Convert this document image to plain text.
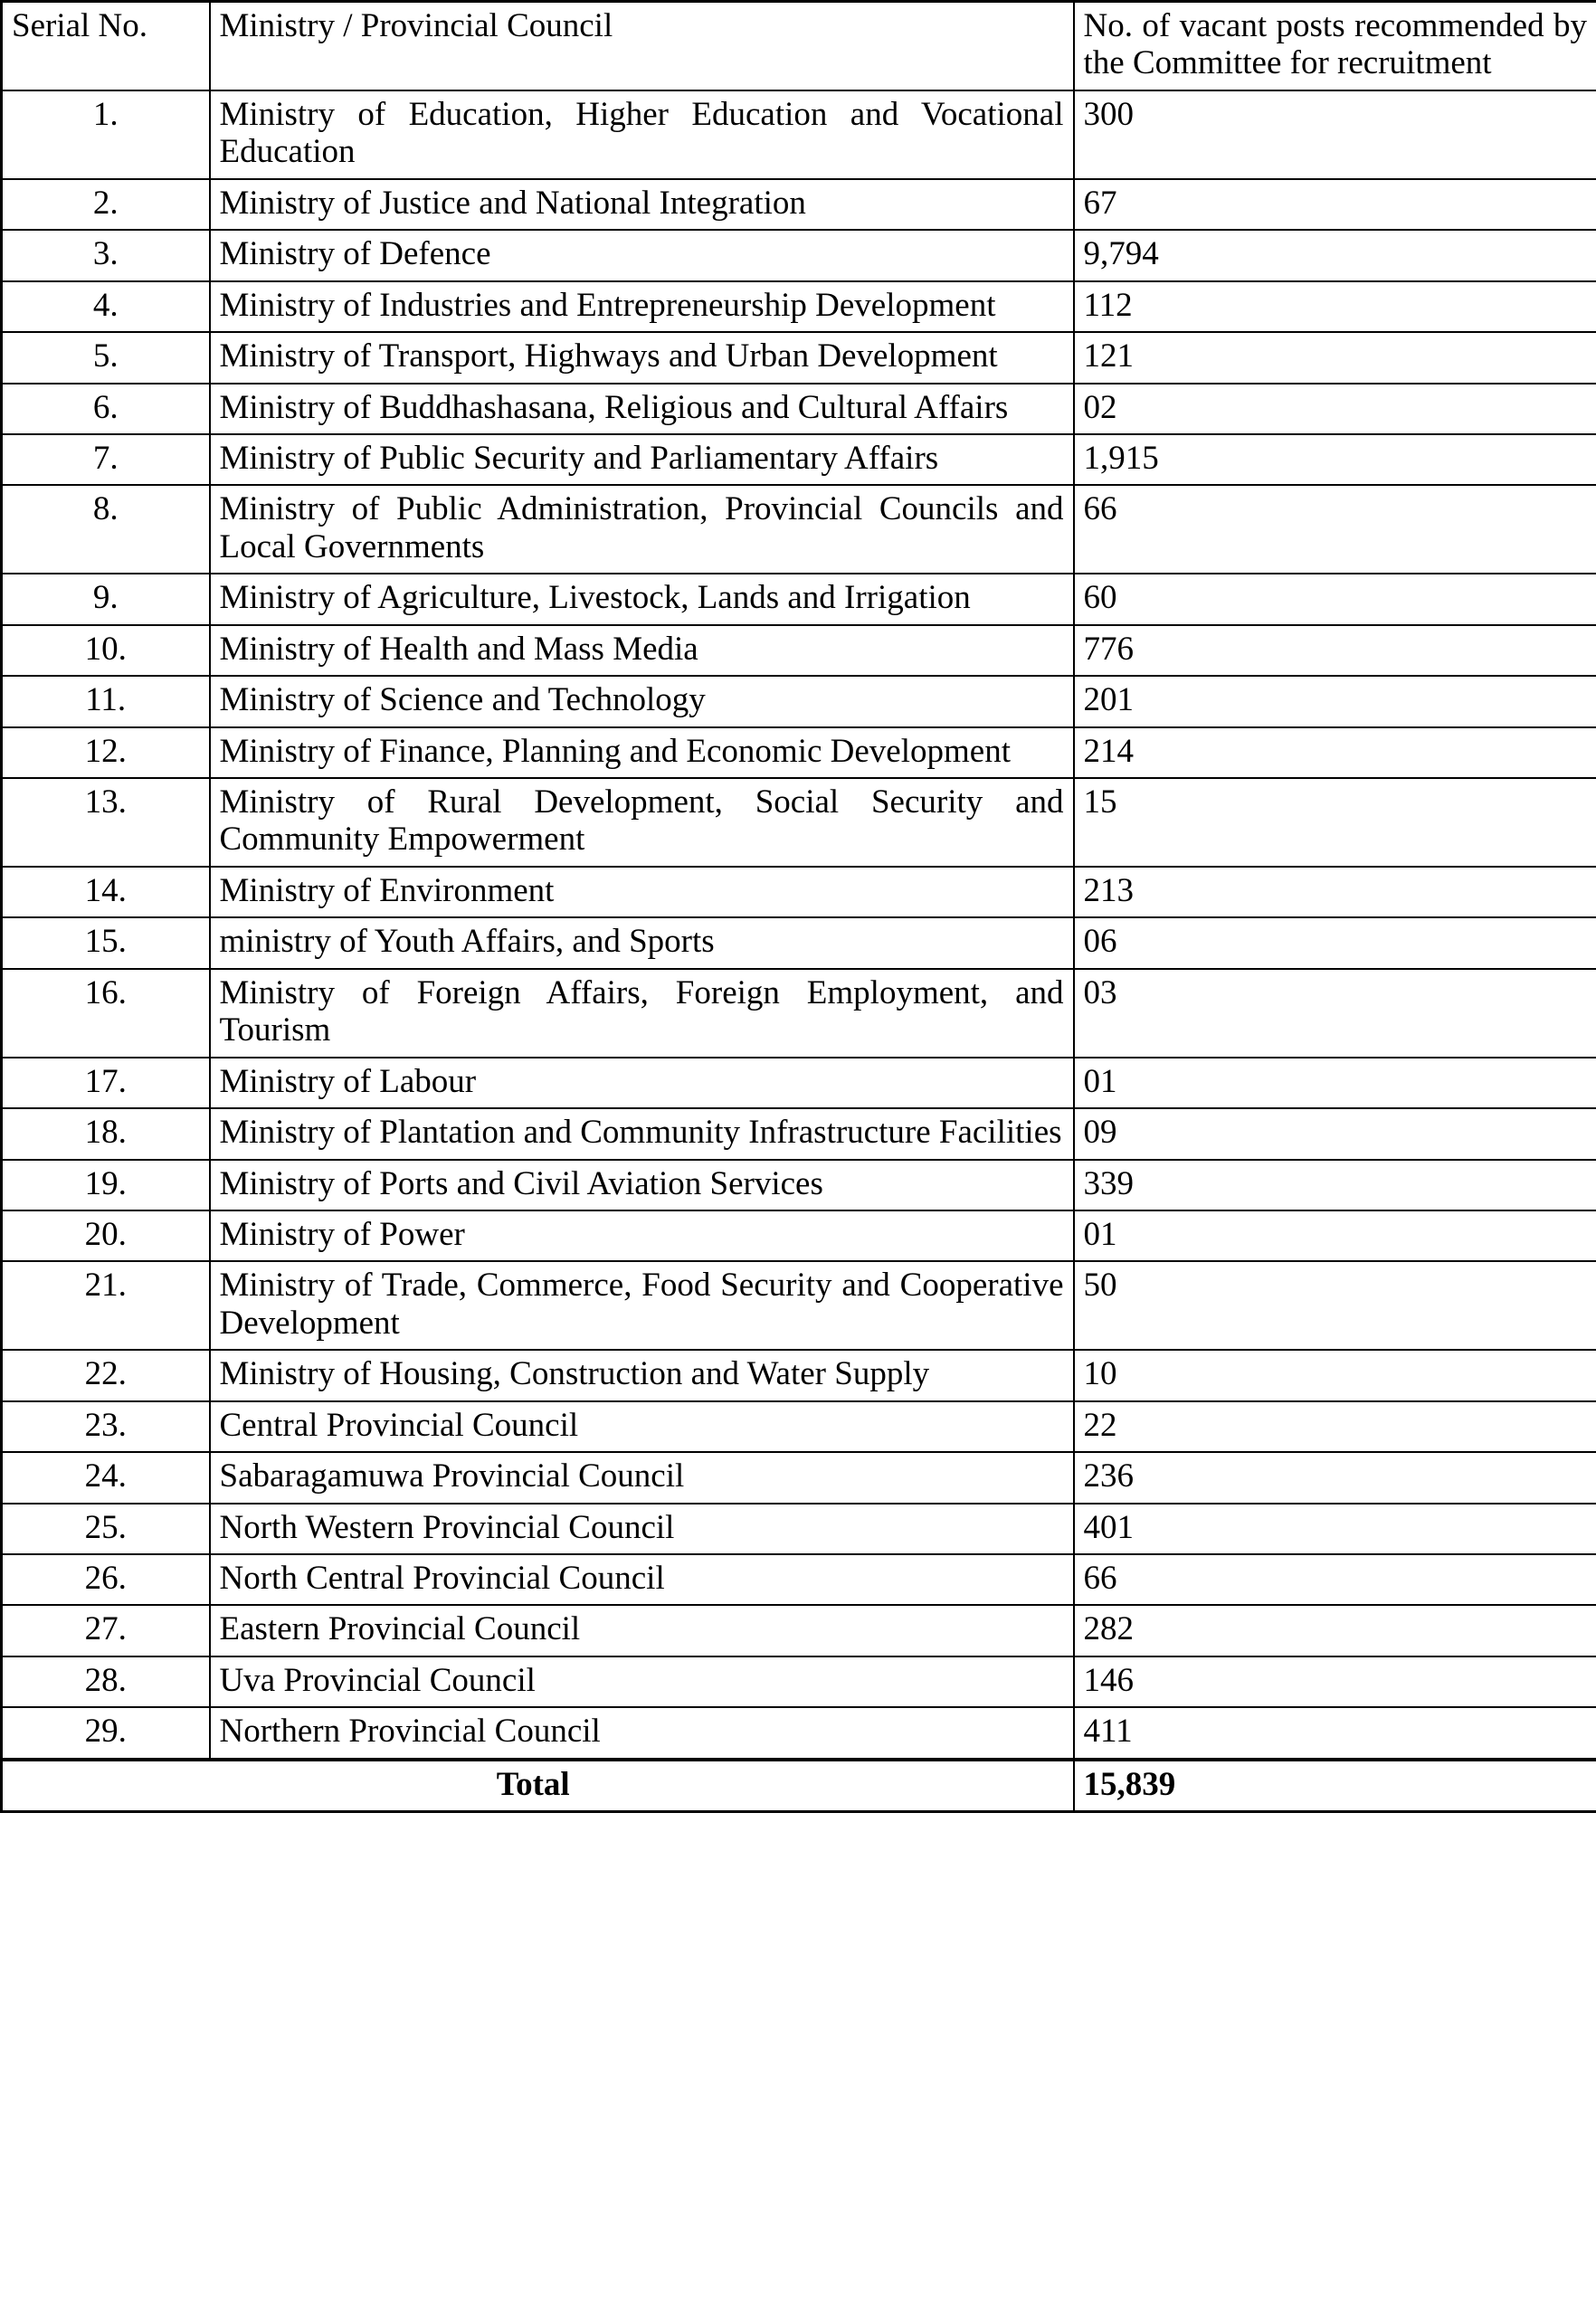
Serial No.	Ministry / Provincial Council	No. of vacant posts recommended by the Committee for recruitment
1.	Ministry of Education, Higher Education and Vocational Education	300
2.	Ministry of Justice and National Integration	67
3.	Ministry of Defence	9,794
4.	Ministry of Industries and Entrepreneurship Development	112
5.	Ministry of Transport, Highways and Urban Development	121
6.	Ministry of Buddhashasana, Religious and Cultural Affairs	02
7.	Ministry of Public Security and Parliamentary Affairs	1,915
8.	Ministry of Public Administration, Provincial Councils and Local Governments	66
9.	Ministry of Agriculture, Livestock, Lands and Irrigation	60
10.	Ministry of Health and Mass Media	776
11.	Ministry of Science and Technology	201
12.	Ministry of Finance, Planning and Economic Development	214
13.	Ministry of Rural Development, Social Security and Community Empowerment	15
14.	Ministry of Environment	213
15.	ministry of Youth Affairs, and Sports	06
16.	Ministry of Foreign Affairs, Foreign Employment, and Tourism	03
17.	Ministry of Labour	01
18.	Ministry of Plantation and Community Infrastructure Facilities	09
19.	Ministry of Ports and Civil Aviation Services	339
20.	Ministry of Power	01
21.	Ministry of Trade, Commerce, Food Security and Cooperative Development	50
22.	Ministry of Housing, Construction and Water Supply	10
23.	Central Provincial Council	22
24.	Sabaragamuwa Provincial Council	236
25.	North Western Provincial Council	401
26.	North Central Provincial Council	66
27.	Eastern Provincial Council	282
28.	Uva Provincial Council	146
29.	Northern Provincial Council	411
Total		15,839
